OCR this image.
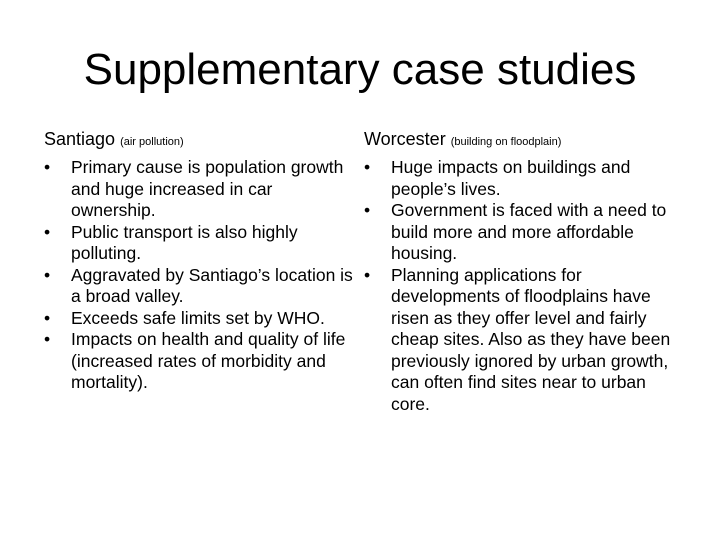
Supplementary case studies

Santiago (air pollution)

• Primary cause is population growth and huge increased in car ownership.
• Public transport is also highly polluting.
• Aggravated by Santiago’s location is a broad valley.
• Exceeds safe limits set by WHO.
• Impacts on health and quality of life (increased rates of morbidity and mortality).

Worcester (building on floodplain)

• Huge impacts on buildings and people’s lives.
• Government is faced with a need to build more and more affordable housing.
• Planning applications for developments of floodplains have risen as they offer level and fairly cheap sites. Also as they have been previously ignored by urban growth, can often find sites near to urban core.
